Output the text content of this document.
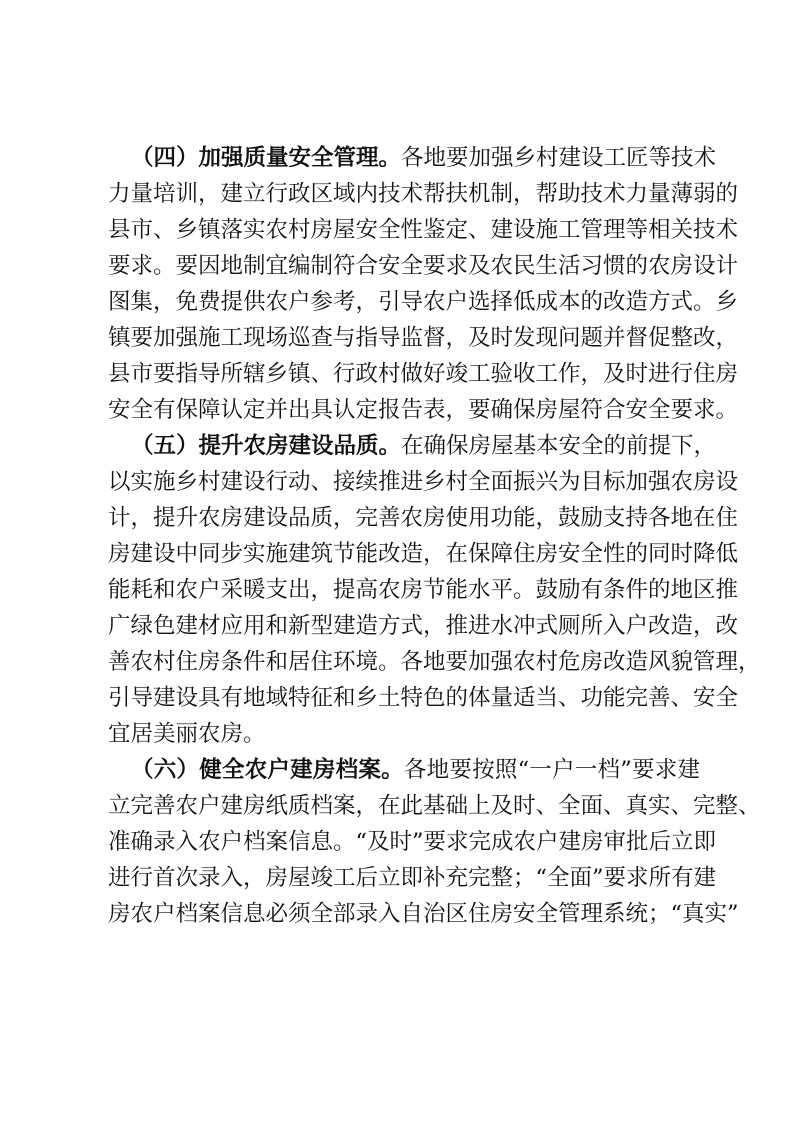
（四）加强质量安全管理。各地要加强乡村建设工匠等技术
力量培训，建立行政区域内技术帮扶机制，帮助技术力量薄弱的
县市、乡镇落实农村房屋安全性鉴定、建设施工管理等相关技术
要求。要因地制宜编制符合安全要求及农民生活习惯的农房设计
图集，免费提供农户参考，引导农户选择低成本的改造方式。乡
镇要加强施工现场巡查与指导监督，及时发现问题并督促整改，
县市要指导所辖乡镇、行政村做好竣工验收工作，及时进行住房
安全有保障认定并出具认定报告表，要确保房屋符合安全要求。
（五）提升农房建设品质。在确保房屋基本安全的前提下，
以实施乡村建设行动、接续推进乡村全面振兴为目标加强农房设
计，提升农房建设品质，完善农房使用功能，鼓励支持各地在住
房建设中同步实施建筑节能改造，在保障住房安全性的同时降低
能耗和农户采暖支出，提高农房节能水平。鼓励有条件的地区推
广绿色建材应用和新型建造方式，推进水冲式厕所入户改造，改
善农村住房条件和居住环境。各地要加强农村危房改造风貌管理，
引导建设具有地域特征和乡土特色的体量适当、功能完善、安全
宜居美丽农房。
（六）健全农户建房档案。各地要按照“一户一档”要求建
立完善农户建房纸质档案，在此基础上及时、全面、真实、完整、
准确录入农户档案信息。“及时”要求完成农户建房审批后立即
进行首次录入，房屋竣工后立即补充完整；“全面”要求所有建
房农户档案信息必须全部录入自治区住房安全管理系统；“真实”
